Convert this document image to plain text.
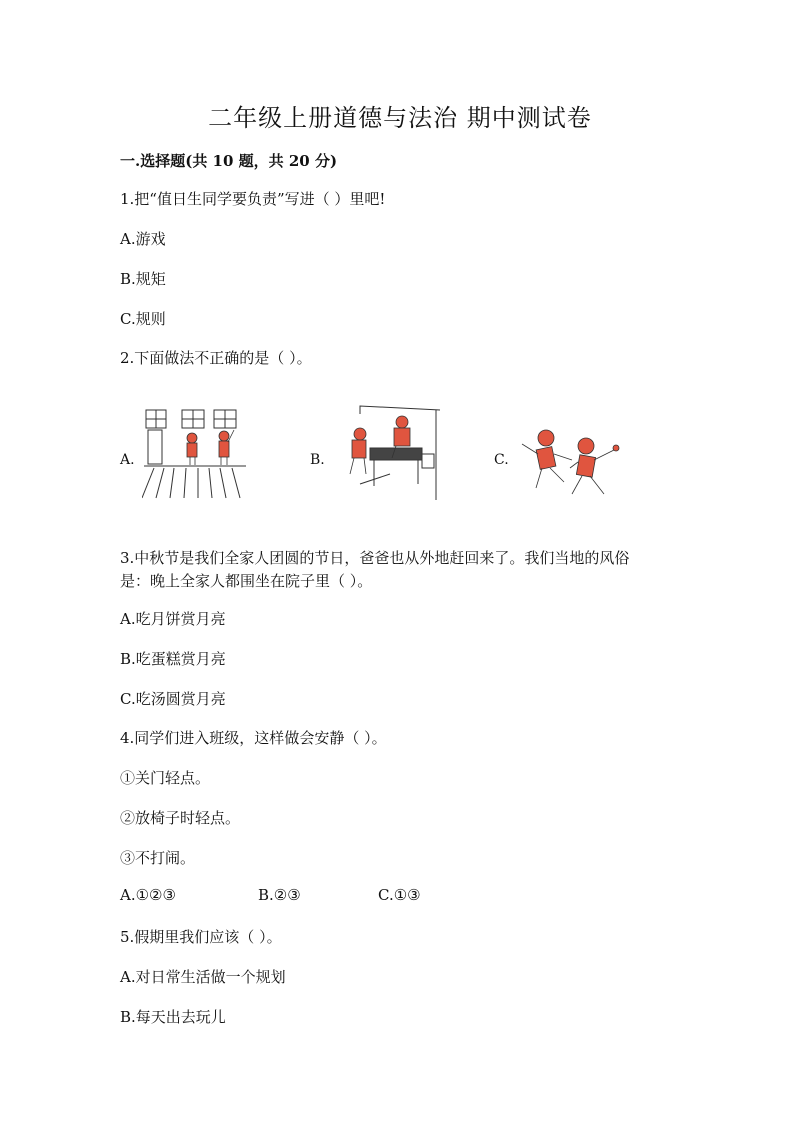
二年级上册道德与法治 期中测试卷
一.选择题(共 10 题，共 20 分)
1.把“值日生同学要负责”写进（ ）里吧!
A.游戏
B.规矩
C.规则
2.下面做法不正确的是（ ）。
A.	B.	C.
3.中秋节是我们全家人团圆的节日，爸爸也从外地赶回来了。我们当地的风俗
是：晚上全家人都围坐在院子里（ ）。
A.吃月饼赏月亮
B.吃蛋糕赏月亮
C.吃汤圆赏月亮
4.同学们进入班级，这样做会安静（ ）。
①关门轻点。
②放椅子时轻点。
③不打闹。
A.①②③	B.②③	C.①③
5.假期里我们应该（ ）。
A.对日常生活做一个规划
B.每天出去玩儿
